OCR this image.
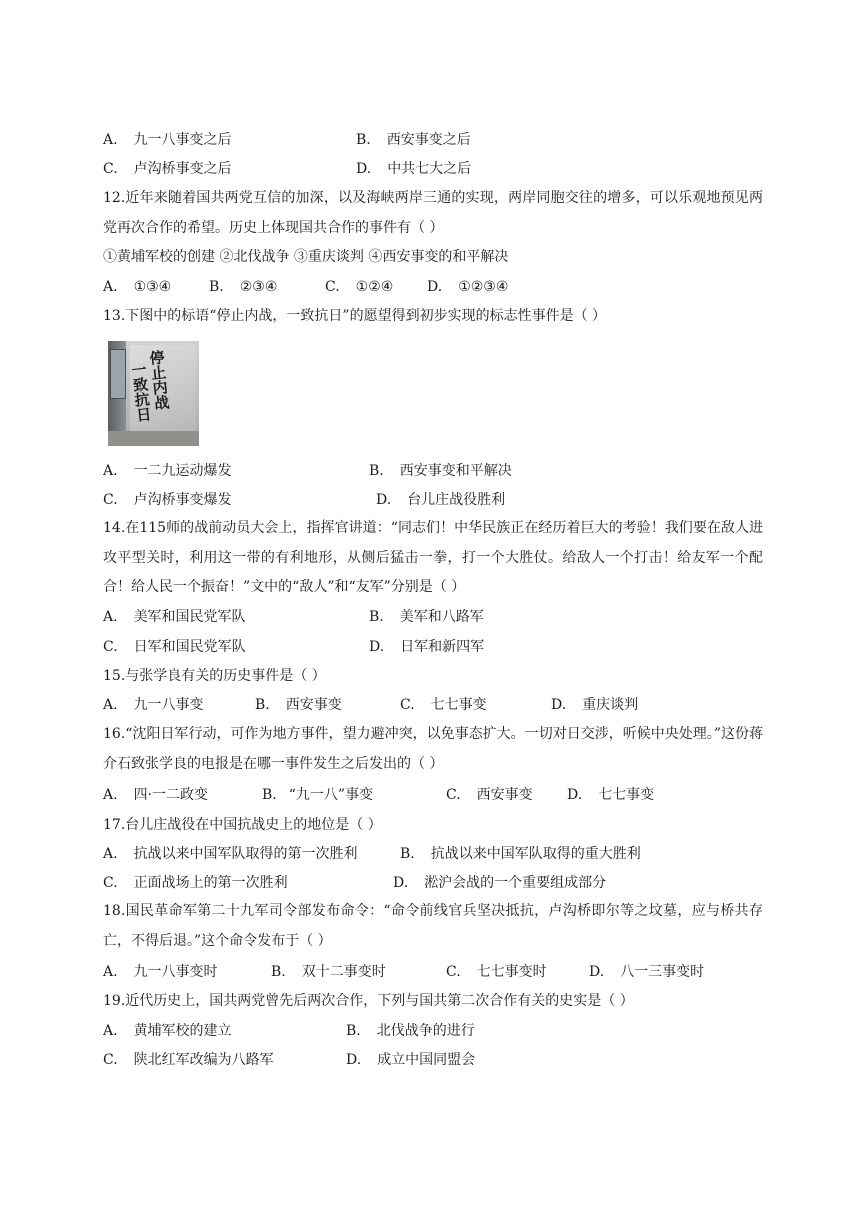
A. 九一八事变之后	B. 西安事变之后
C. 卢沟桥事变之后	D. 中共七大之后
12.近年来随着国共两党互信的加深，以及海峡两岸三通的实现，两岸同胞交往的增多，可以乐观地预见两党再次合作的希望。历史上体现国共合作的事件有（ ）
①黄埔军校的创建 ②北伐战争 ③重庆谈判 ④西安事变的和平解决
A. ①③④	B. ②③④	C. ①②④ D. ①②③④
13.下图中的标语“停止内战，一致抗日”的愿望得到初步实现的标志性事件是（ ）
停止内战
一致抗日
A. 一二九运动爆发	B. 西安事变和平解决
C. 卢沟桥事变爆发	D. 台儿庄战役胜利
14.在115师的战前动员大会上，指挥官讲道：“同志们！中华民族正在经历着巨大的考验！我们要在敌人进攻平型关时，利用这一带的有利地形，从侧后猛击一拳，打一个大胜仗。给敌人一个打击！给友军一个配合！给人民一个振奋！”文中的“敌人”和“友军”分别是（ ）
A. 美军和国民党军队	B. 美军和八路军
C. 日军和国民党军队	D. 日军和新四军
15.与张学良有关的历史事件是（ ）
A. 九一八事变	B. 西安事变	C. 七七事变	D. 重庆谈判
16.“沈阳日军行动，可作为地方事件，望力避冲突，以免事态扩大。一切对日交涉，听候中央处理。”这份蒋介石致张学良的电报是在哪一事件发生之后发出的（ ）
A. 四·一二政变	B. “九一八”事变	C. 西安事变 D. 七七事变
17.台儿庄战役在中国抗战史上的地位是（ ）
A. 抗战以来中国军队取得的第一次胜利	B. 抗战以来中国军队取得的重大胜利
C. 正面战场上的第一次胜利	D. 淞沪会战的一个重要组成部分
18.国民革命军第二十九军司令部发布命令：“命令前线官兵坚决抵抗，卢沟桥即尔等之坟墓，应与桥共存亡，不得后退。”这个命令发布于（ ）
A. 九一八事变时	B. 双十二事变时	C. 七七事变时	D. 八一三事变时
19.近代历史上，国共两党曾先后两次合作，下列与国共第二次合作有关的史实是（ ）
A. 黄埔军校的建立	B. 北伐战争的进行
C. 陕北红军改编为八路军	D. 成立中国同盟会
